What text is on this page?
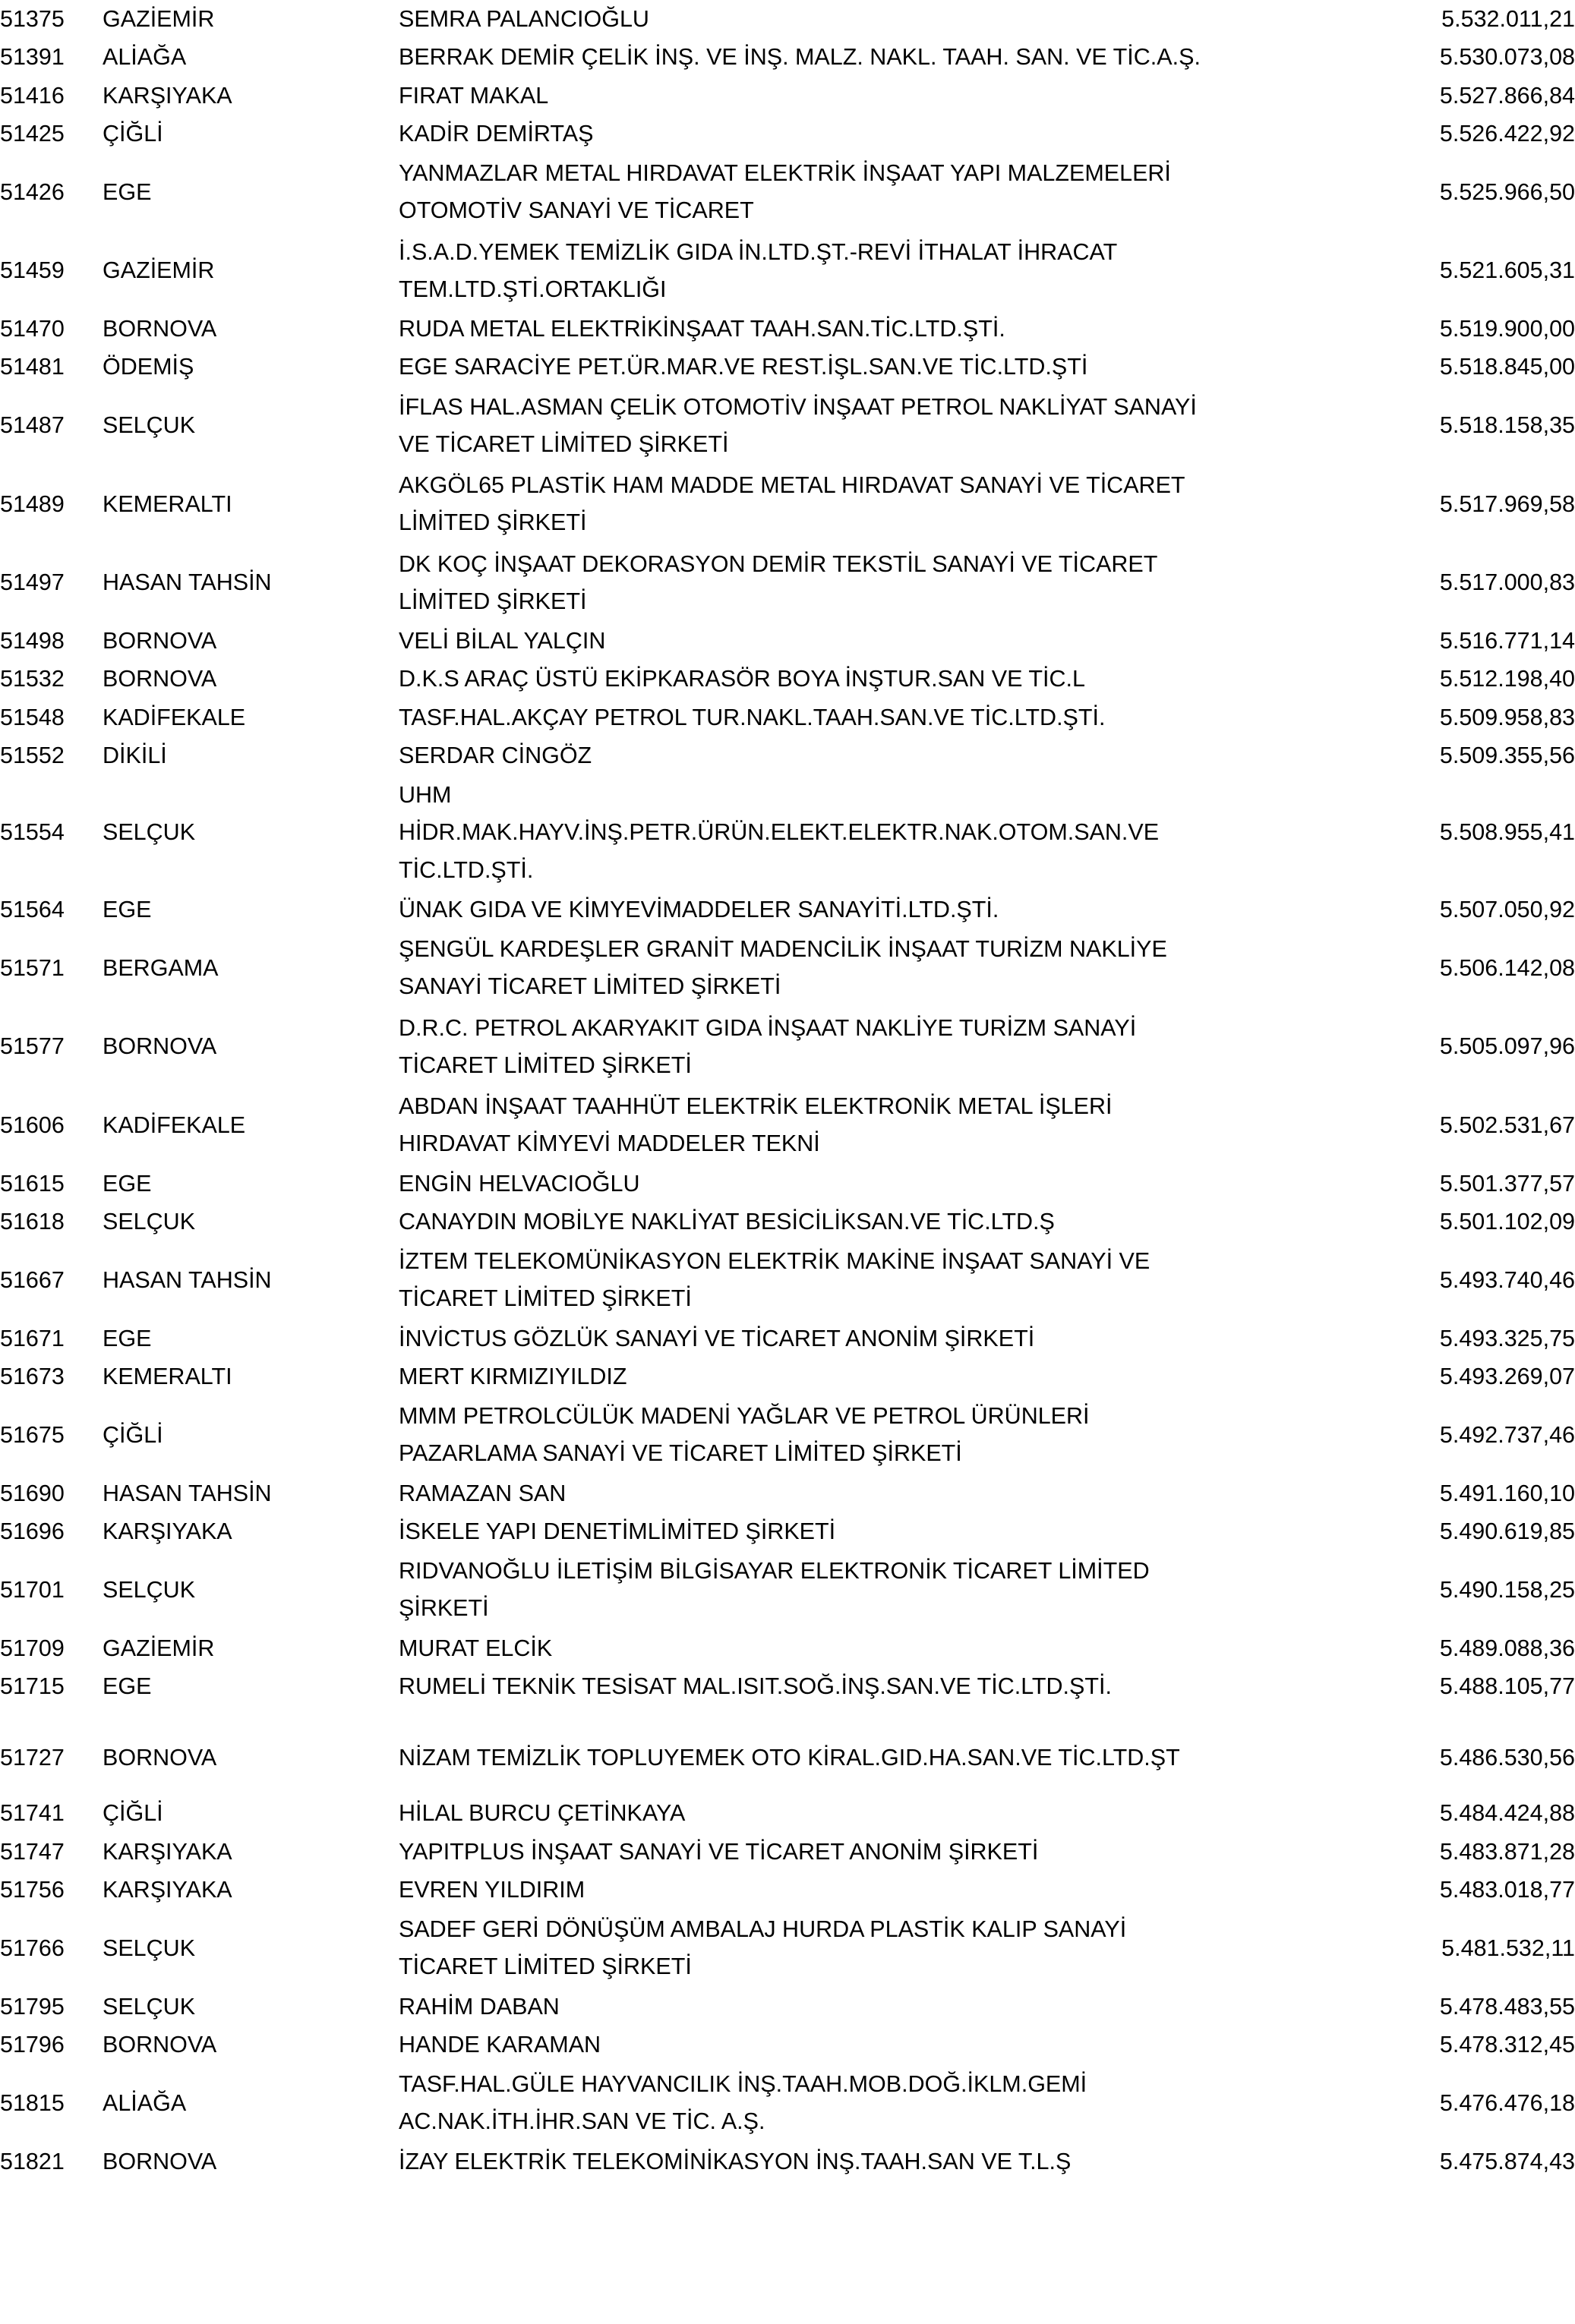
51375	GAZİEMİR	SEMRA PALANCIOĞLU	5.532.011,21
51391	ALİAĞA	BERRAK DEMİR ÇELİK İNŞ. VE İNŞ. MALZ. NAKL. TAAH. SAN. VE TİC.A.Ş.	5.530.073,08
51416	KARŞIYAKA	FIRAT MAKAL	5.527.866,84
51425	ÇİĞLİ	KADİR DEMİRTAŞ	5.526.422,92
51426	EGE	YANMAZLAR METAL HIRDAVAT ELEKTRİK İNŞAAT YAPI MALZEMELERİ
OTOMOTİV SANAYİ VE TİCARET	5.525.966,50
51459	GAZİEMİR	İ.S.A.D.YEMEK TEMİZLİK GIDA İN.LTD.ŞT.-REVİ İTHALAT İHRACAT
TEM.LTD.ŞTİ.ORTAKLIĞI	5.521.605,31
51470	BORNOVA	RUDA METAL ELEKTRİKİNŞAAT TAAH.SAN.TİC.LTD.ŞTİ.	5.519.900,00
51481	ÖDEMİŞ	EGE SARACİYE PET.ÜR.MAR.VE REST.İŞL.SAN.VE TİC.LTD.ŞTİ	5.518.845,00
51487	SELÇUK	İFLAS HAL.ASMAN ÇELİK OTOMOTİV İNŞAAT PETROL NAKLİYAT SANAYİ
VE TİCARET LİMİTED ŞİRKETİ	5.518.158,35
51489	KEMERALTI	AKGÖL65 PLASTİK HAM MADDE METAL HIRDAVAT SANAYİ VE TİCARET
LİMİTED ŞİRKETİ	5.517.969,58
51497	HASAN TAHSİN	DK KOÇ İNŞAAT DEKORASYON DEMİR TEKSTİL SANAYİ VE TİCARET
LİMİTED ŞİRKETİ	5.517.000,83
51498	BORNOVA	VELİ BİLAL YALÇIN	5.516.771,14
51532	BORNOVA	D.K.S ARAÇ ÜSTÜ EKİPKARASÖR BOYA İNŞTUR.SAN VE TİC.L	5.512.198,40
51548	KADİFEKALE	TASF.HAL.AKÇAY PETROL TUR.NAKL.TAAH.SAN.VE TİC.LTD.ŞTİ.	5.509.958,83
51552	DİKİLİ	SERDAR CİNGÖZ	5.509.355,56
51554	SELÇUK	UHM
HİDR.MAK.HAYV.İNŞ.PETR.ÜRÜN.ELEKT.ELEKTR.NAK.OTOM.SAN.VE
TİC.LTD.ŞTİ.	5.508.955,41
51564	EGE	ÜNAK GIDA VE KİMYEVİMADDELER SANAYİTİ.LTD.ŞTİ.	5.507.050,92
51571	BERGAMA	ŞENGÜL KARDEŞLER GRANİT MADENCİLİK İNŞAAT TURİZM NAKLİYE
SANAYİ TİCARET LİMİTED ŞİRKETİ	5.506.142,08
51577	BORNOVA	D.R.C. PETROL AKARYAKIT GIDA İNŞAAT NAKLİYE TURİZM SANAYİ
TİCARET LİMİTED ŞİRKETİ	5.505.097,96
51606	KADİFEKALE	ABDAN İNŞAAT TAAHHÜT ELEKTRİK ELEKTRONİK METAL İŞLERİ
HIRDAVAT KİMYEVİ MADDELER TEKNİ	5.502.531,67
51615	EGE	ENGİN HELVACIOĞLU	5.501.377,57
51618	SELÇUK	CANAYDIN MOBİLYE NAKLİYAT BESİCİLİKSAN.VE TİC.LTD.Ş	5.501.102,09
51667	HASAN TAHSİN	İZTEM TELEKOMÜNİKASYON ELEKTRİK MAKİNE İNŞAAT SANAYİ VE
TİCARET LİMİTED ŞİRKETİ	5.493.740,46
51671	EGE	İNVİCTUS GÖZLÜK SANAYİ VE TİCARET ANONİM ŞİRKETİ	5.493.325,75
51673	KEMERALTI	MERT KIRMIZIYILDIZ	5.493.269,07
51675	ÇİĞLİ	MMM PETROLCÜLÜK MADENİ YAĞLAR VE PETROL ÜRÜNLERİ
PAZARLAMA SANAYİ VE TİCARET LİMİTED ŞİRKETİ	5.492.737,46
51690	HASAN TAHSİN	RAMAZAN SAN	5.491.160,10
51696	KARŞIYAKA	İSKELE YAPI DENETİMLİMİTED ŞİRKETİ	5.490.619,85
51701	SELÇUK	RIDVANOĞLU İLETİŞİM BİLGİSAYAR ELEKTRONİK TİCARET LİMİTED
ŞİRKETİ	5.490.158,25
51709	GAZİEMİR	MURAT ELCİK	5.489.088,36
51715	EGE	RUMELİ TEKNİK TESİSAT MAL.ISIT.SOĞ.İNŞ.SAN.VE TİC.LTD.ŞTİ.	5.488.105,77
51727	BORNOVA	NİZAM TEMİZLİK TOPLUYEMEK OTO KİRAL.GID.HA.SAN.VE TİC.LTD.ŞT	5.486.530,56
51741	ÇİĞLİ	HİLAL BURCU ÇETİNKAYA	5.484.424,88
51747	KARŞIYAKA	YAPITPLUS İNŞAAT SANAYİ VE TİCARET ANONİM ŞİRKETİ	5.483.871,28
51756	KARŞIYAKA	EVREN YILDIRIM	5.483.018,77
51766	SELÇUK	SADEF GERİ DÖNÜŞÜM AMBALAJ HURDA PLASTİK KALIP SANAYİ
TİCARET LİMİTED ŞİRKETİ	5.481.532,11
51795	SELÇUK	RAHİM DABAN	5.478.483,55
51796	BORNOVA	HANDE KARAMAN	5.478.312,45
51815	ALİAĞA	TASF.HAL.GÜLE HAYVANCILIK İNŞ.TAAH.MOB.DOĞ.İKLM.GEMİ
AC.NAK.İTH.İHR.SAN VE TİC. A.Ş.	5.476.476,18
51821	BORNOVA	İZAY ELEKTRİK TELEKOMİNİKASYON İNŞ.TAAH.SAN VE T.L.Ş	5.475.874,43
